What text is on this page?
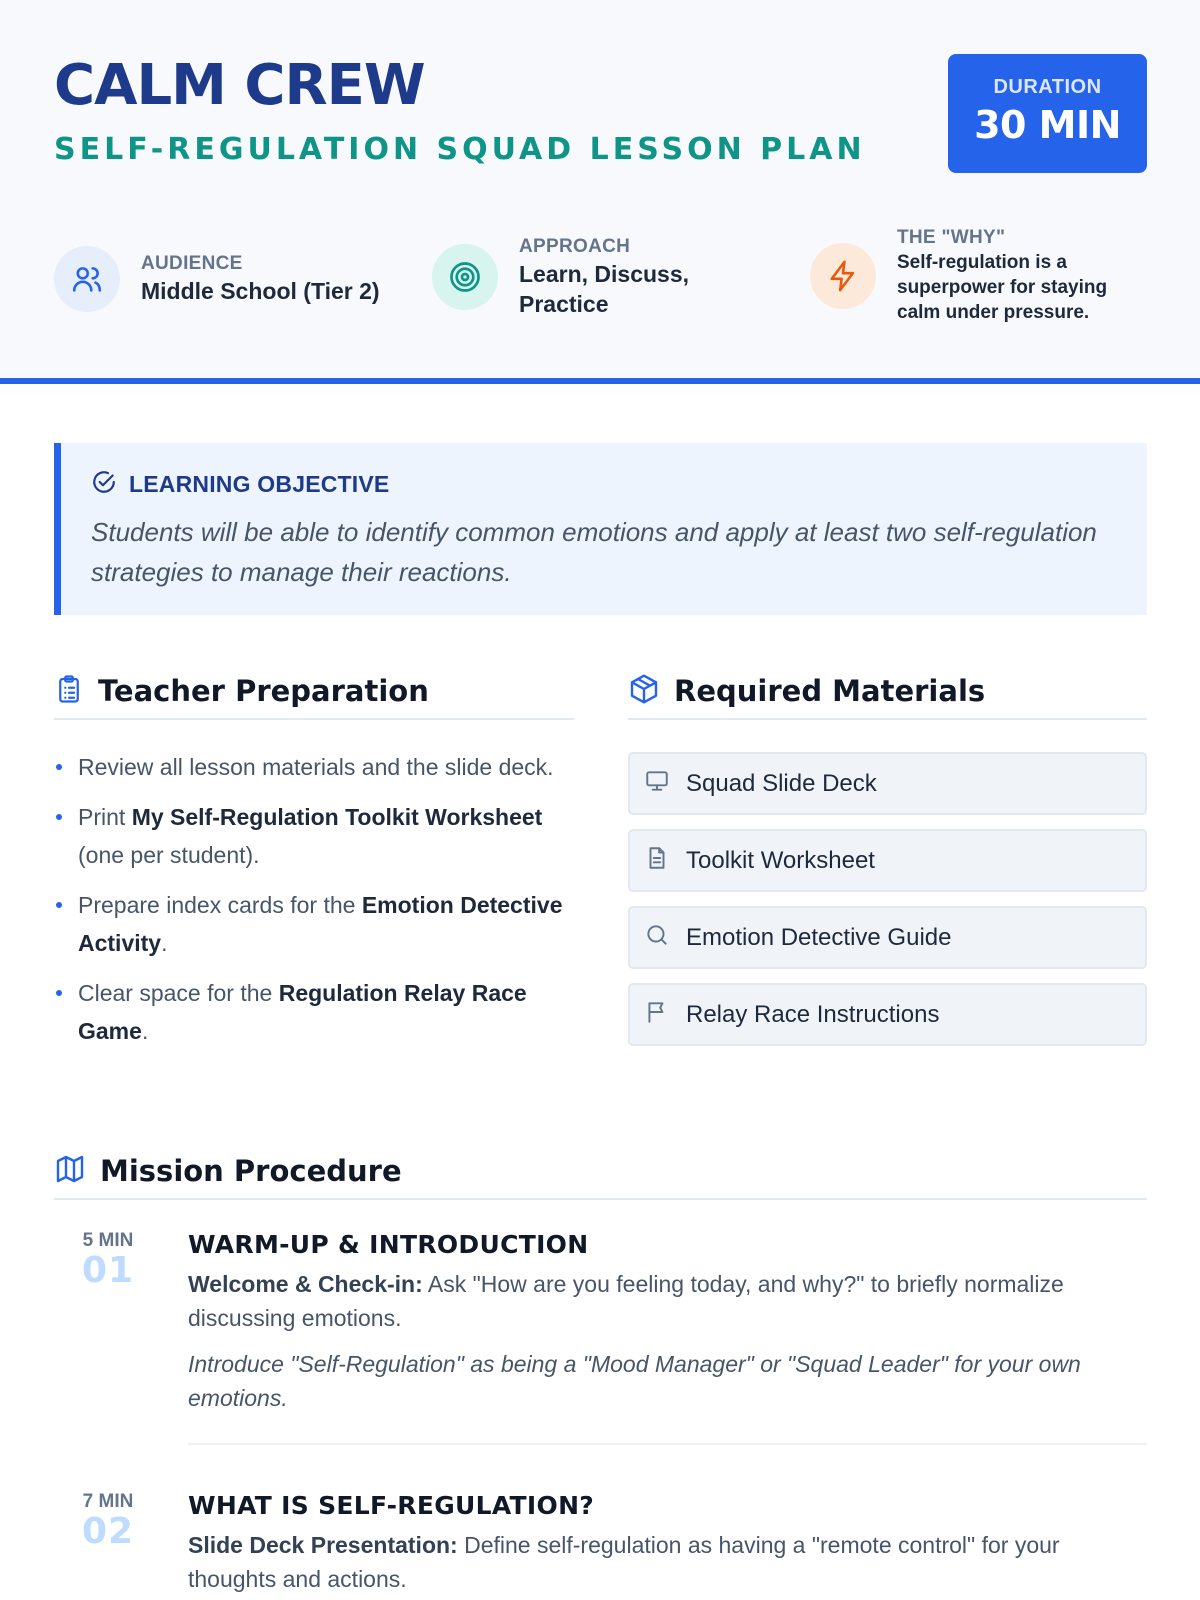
CALM CREW
SELF-REGULATION SQUAD LESSON PLAN
DURATION
30 MIN
AUDIENCE
Middle School (Tier 2)
APPROACH
Learn, Discuss, Practice
THE "WHY"
Self-regulation is a superpower for staying calm under pressure.
LEARNING OBJECTIVE
Students will be able to identify common emotions and apply at least two self-regulation strategies to manage their reactions.
Teacher Preparation
Review all lesson materials and the slide deck.
Print My Self-Regulation Toolkit Worksheet (one per student).
Prepare index cards for the Emotion Detective Activity.
Clear space for the Regulation Relay Race Game.
Required Materials
Squad Slide Deck
Toolkit Worksheet
Emotion Detective Guide
Relay Race Instructions
Mission Procedure
5 MIN
01
WARM-UP & INTRODUCTION
Welcome & Check-in: Ask "How are you feeling today, and why?" to briefly normalize discussing emotions.
Introduce "Self-Regulation" as being a "Mood Manager" or "Squad Leader" for your own emotions.
7 MIN
02
WHAT IS SELF-REGULATION?
Slide Deck Presentation: Define self-regulation as having a "remote control" for your thoughts and actions.
